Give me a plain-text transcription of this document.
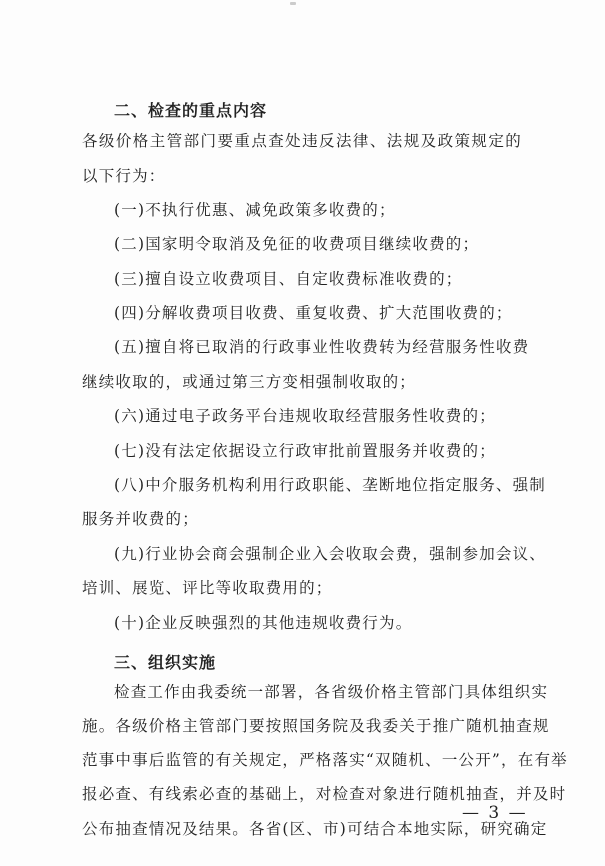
二、检查的重点内容
各级价格主管部门要重点查处违反法律、法规及政策规定的
以下行为：
(一)不执行优惠、减免政策多收费的；
(二)国家明令取消及免征的收费项目继续收费的；
(三)擅自设立收费项目、自定收费标准收费的；
(四)分解收费项目收费、重复收费、扩大范围收费的；
(五)擅自将已取消的行政事业性收费转为经营服务性收费
继续收取的，或通过第三方变相强制收取的；
(六)通过电子政务平台违规收取经营服务性收费的；
(七)没有法定依据设立行政审批前置服务并收费的；
(八)中介服务机构利用行政职能、垄断地位指定服务、强制
服务并收费的；
(九)行业协会商会强制企业入会收取会费，强制参加会议、
培训、展览、评比等收取费用的；
(十)企业反映强烈的其他违规收费行为。
三、组织实施
检查工作由我委统一部署，各省级价格主管部门具体组织实
施。各级价格主管部门要按照国务院及我委关于推广随机抽查规
范事中事后监管的有关规定，严格落实“双随机、一公开”，在有举
报必查、有线索必查的基础上，对检查对象进行随机抽查，并及时
公布抽查情况及结果。各省(区、市)可结合本地实际，研究确定
— 3 —
